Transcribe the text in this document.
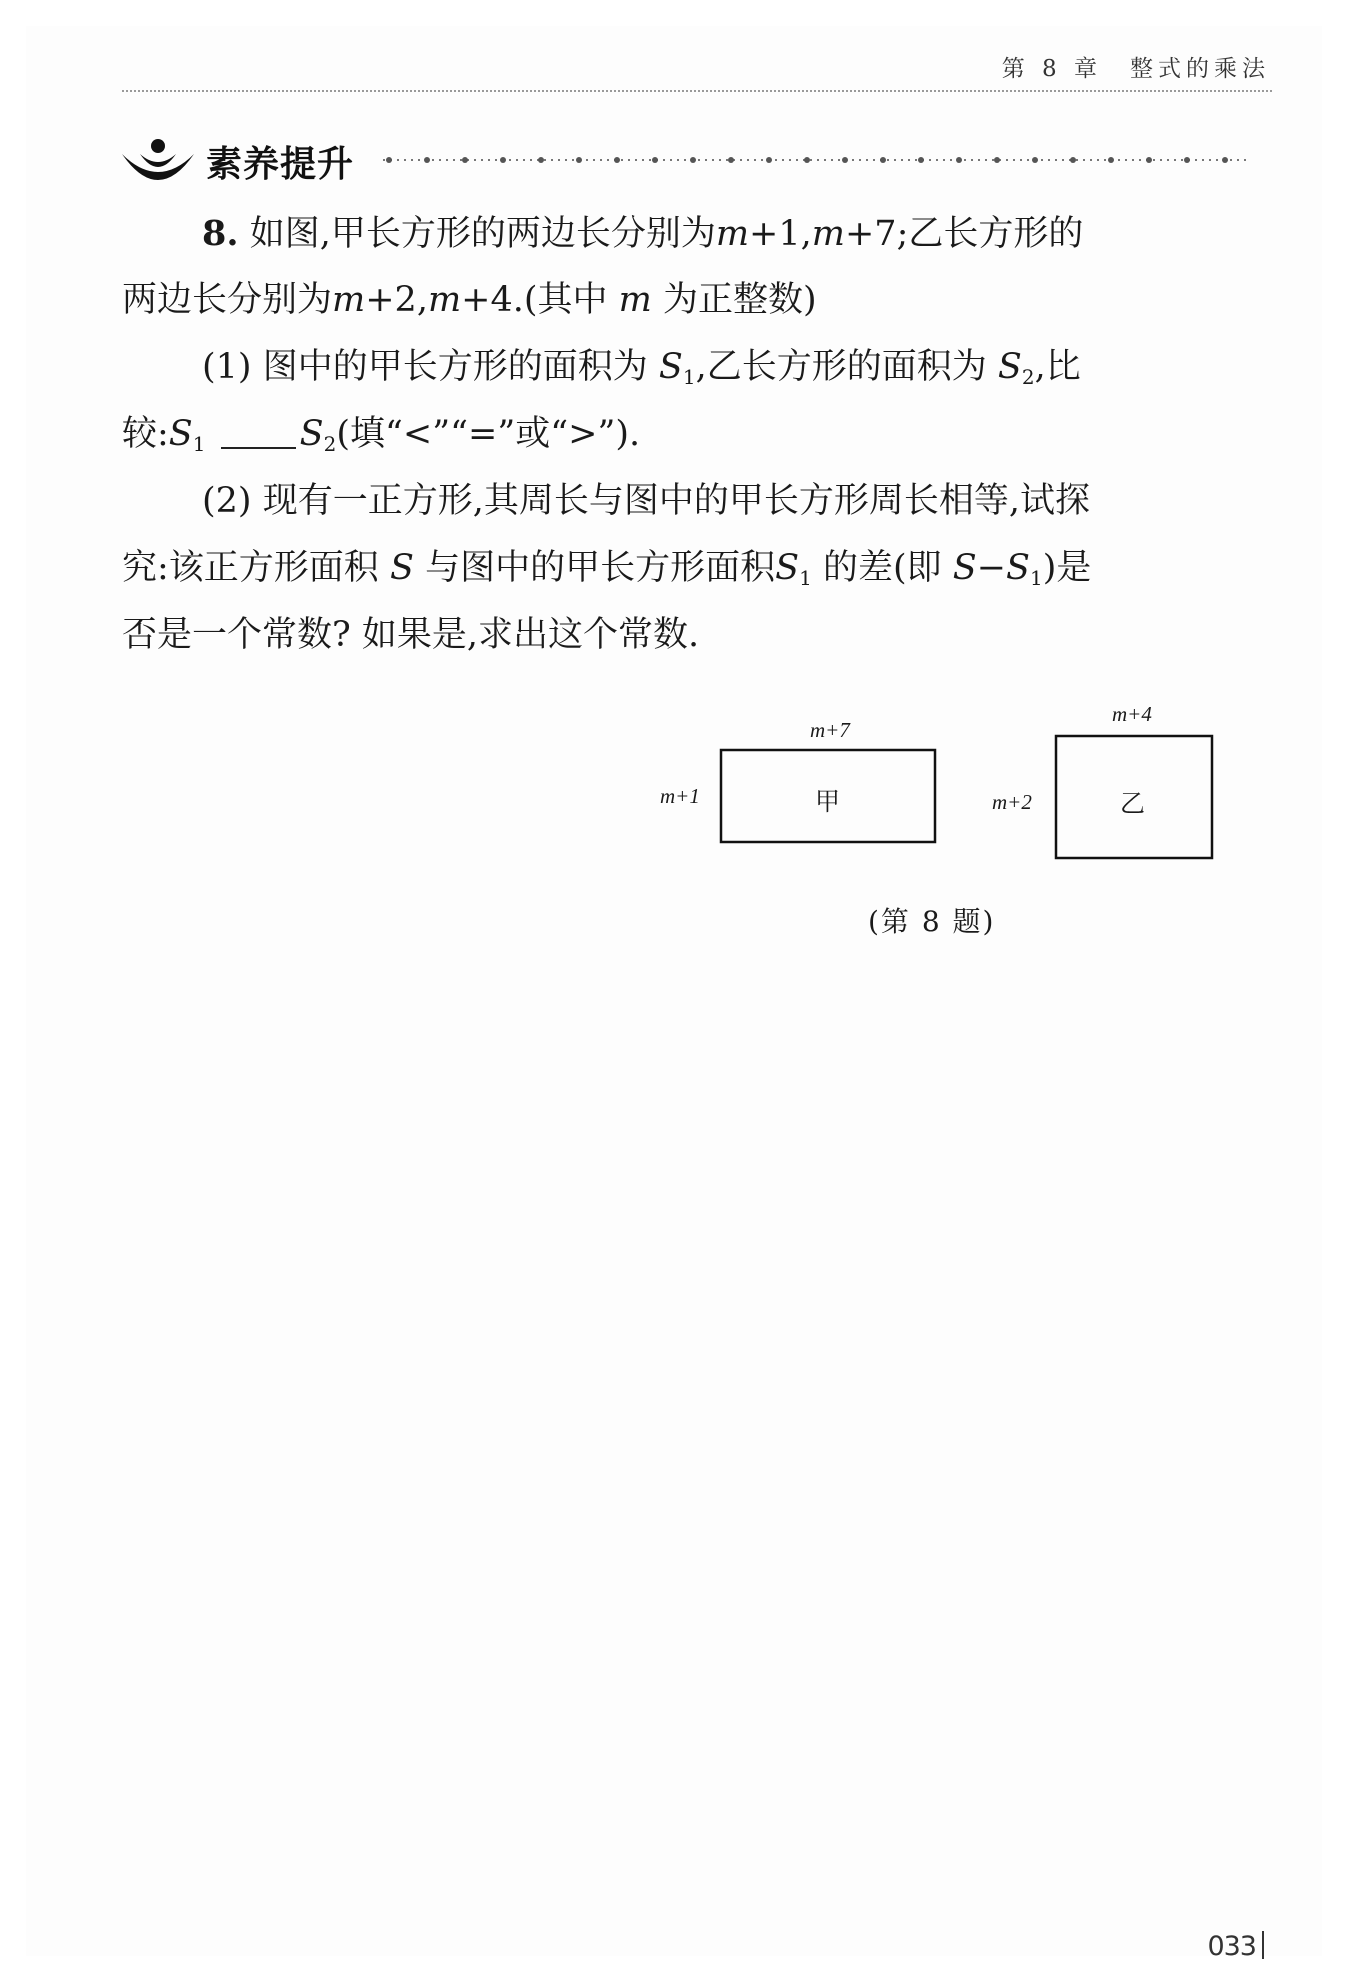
第 8 章　整式的乘法
素养提升
8. 如图,甲长方形的两边长分别为m+1,m+7;乙长方形的
两边长分别为m+2,m+4.(其中 m 为正整数)
(1) 图中的甲长方形的面积为 $S_1$,乙长方形的面积为 $S_2$,比
较$:S_1$	$S_2$(填“<”“=”或“>”).
(2) 现有一正方形,其周长与图中的甲长方形周长相等,试探
究:该正方形面积 S 与图中的甲长方形面积$S_1$ 的差(即 $S-S_1$)是
否是一个常数? 如果是,求出这个常数.
m+7
m+1	甲
m+4
m+2	乙
(第 8 题)
033
